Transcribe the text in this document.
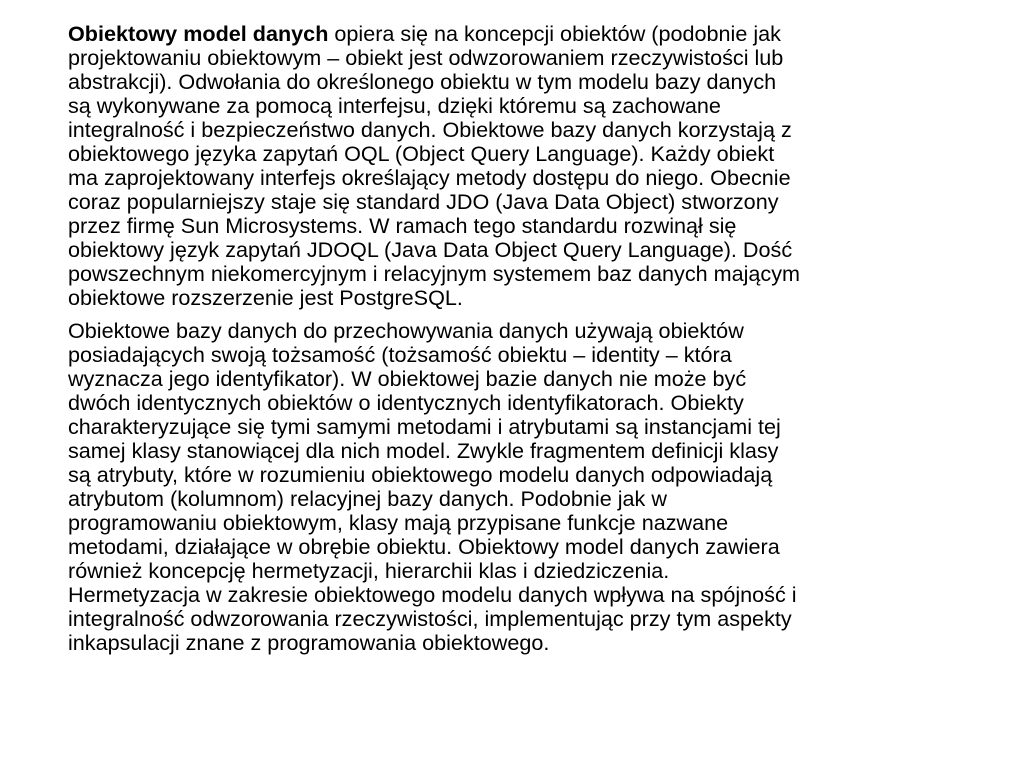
Obiektowy model danych opiera się na koncepcji obiektów (podobnie jak
projektowaniu obiektowym – obiekt jest odwzorowaniem rzeczywistości lub
abstrakcji). Odwołania do określonego obiektu w tym modelu bazy danych
są wykonywane za pomocą interfejsu, dzięki któremu są zachowane
integralność i bezpieczeństwo danych. Obiektowe bazy danych korzystają z
obiektowego języka zapytań OQL (Object Query Language). Każdy obiekt
ma zaprojektowany interfejs określający metody dostępu do niego. Obecnie
coraz popularniejszy staje się standard JDO (Java Data Object) stworzony
przez firmę Sun Microsystems. W ramach tego standardu rozwinął się
obiektowy język zapytań JDOQL (Java Data Object Query Language). Dość
powszechnym niekomercyjnym i relacyjnym systemem baz danych mającym
obiektowe rozszerzenie jest PostgreSQL.

Obiektowe bazy danych do przechowywania danych używają obiektów
posiadających swoją tożsamość (tożsamość obiektu – identity – która
wyznacza jego identyfikator). W obiektowej bazie danych nie może być
dwóch identycznych obiektów o identycznych identyfikatorach. Obiekty
charakteryzujące się tymi samymi metodami i atrybutami są instancjami tej
samej klasy stanowiącej dla nich model. Zwykle fragmentem definicji klasy
są atrybuty, które w rozumieniu obiektowego modelu danych odpowiadają
atrybutom (kolumnom) relacyjnej bazy danych. Podobnie jak w
programowaniu obiektowym, klasy mają przypisane funkcje nazwane
metodami, działające w obrębie obiektu. Obiektowy model danych zawiera
również koncepcję hermetyzacji, hierarchii klas i dziedziczenia.
Hermetyzacja w zakresie obiektowego modelu danych wpływa na spójność i
integralność odwzorowania rzeczywistości, implementując przy tym aspekty
inkapsulacji znane z programowania obiektowego.
